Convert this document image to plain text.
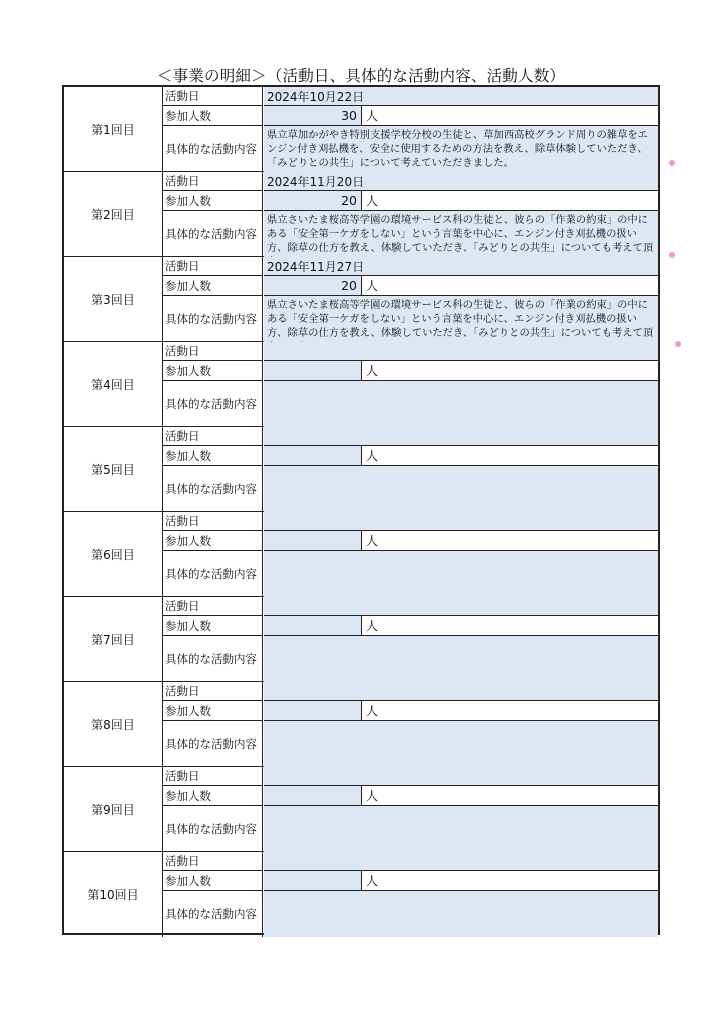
＜事業の明細＞（活動日、具体的な活動内容、活動人数）
第1回目
活動日	2024年10月22日
参加人数	30 人
具体的な活動内容
県立草加かがやき特別支援学校分校の生徒と、草加西高校グランド周りの雑草をエンジン付き刈払機を、安全に使用するための方法を教え、除草体験していただき、「みどりとの共生」について考えていただきました。
第2回目
活動日	2024年11月20日
参加人数	20 人
具体的な活動内容
県立さいたま桜高等学園の環境サービス科の生徒と、彼らの「作業の約束」の中にある「安全第一ケガをしない」という言葉を中心に、エンジン付き刈払機の扱い方、除草の仕方を教え、体験していただき、「みどりとの共生」についても考えて頂
第3回目
活動日	2024年11月27日
参加人数	20 人
具体的な活動内容
県立さいたま桜高等学園の環境サービス科の生徒と、彼らの「作業の約束」の中にある「安全第一ケガをしない」という言葉を中心に、エンジン付き刈払機の扱い方、除草の仕方を教え、体験していただき、「みどりとの共生」についても考えて頂
第4回目
活動日
参加人数	人
具体的な活動内容
第5回目
活動日
参加人数	人
具体的な活動内容
第6回目
活動日
参加人数	人
具体的な活動内容
第7回目
活動日
参加人数	人
具体的な活動内容
第8回目
活動日
参加人数	人
具体的な活動内容
第9回目
活動日
参加人数	人
具体的な活動内容
第10回目
活動日
参加人数	人
具体的な活動内容
